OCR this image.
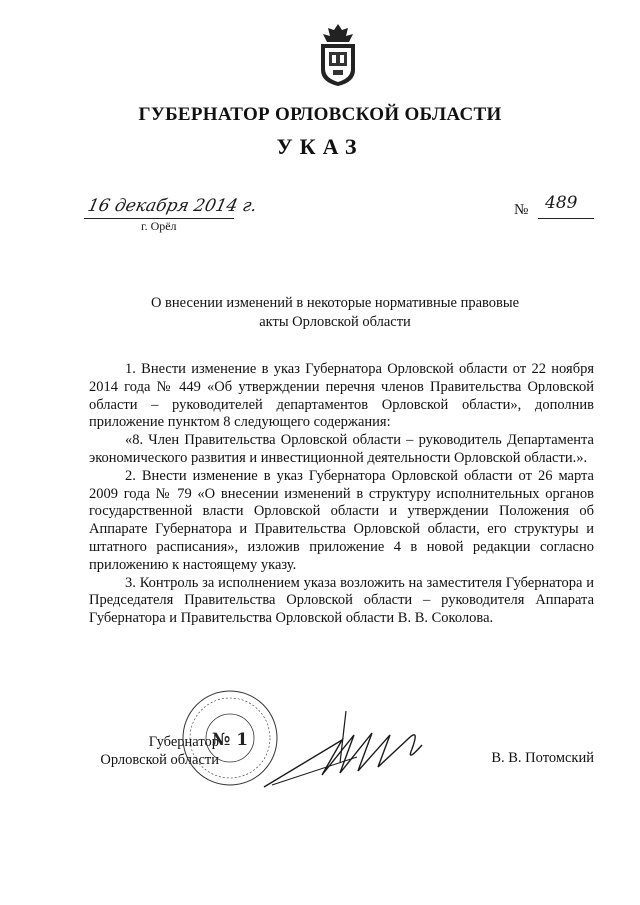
ГУБЕРНАТОР ОРЛОВСКОЙ ОБЛАСТИ
УКАЗ
16 декабря 2014 г.	№ 489
г. Орёл
О внесении изменений в некоторые нормативные правовые акты Орловской области

1. Внести изменение в указ Губернатора Орловской области от 22 ноября 2014 года № 449 «Об утверждении перечня членов Правительства Орловской области – руководителей департаментов Орловской области», дополнив приложение пунктом 8 следующего содержания:

«8. Член Правительства Орловской области – руководитель Департамента экономического развития и инвестиционной деятельности Орловской области.».

2. Внести изменение в указ Губернатора Орловской области от 26 марта 2009 года № 79 «О внесении изменений в структуру исполнительных органов государственной власти Орловской области и утверждении Положения об Аппарате Губернатора и Правительства Орловской области, его структуры и штатного расписания», изложив приложение 4 в новой редакции согласно приложению к настоящему указу.

3. Контроль за исполнением указа возложить на заместителя Губернатора и Председателя Правительства Орловской области – руководителя Аппарата Губернатора и Правительства Орловской области В. В. Соколова.

Губернатор
Орловской области
№ 1
В. В. Потомский
